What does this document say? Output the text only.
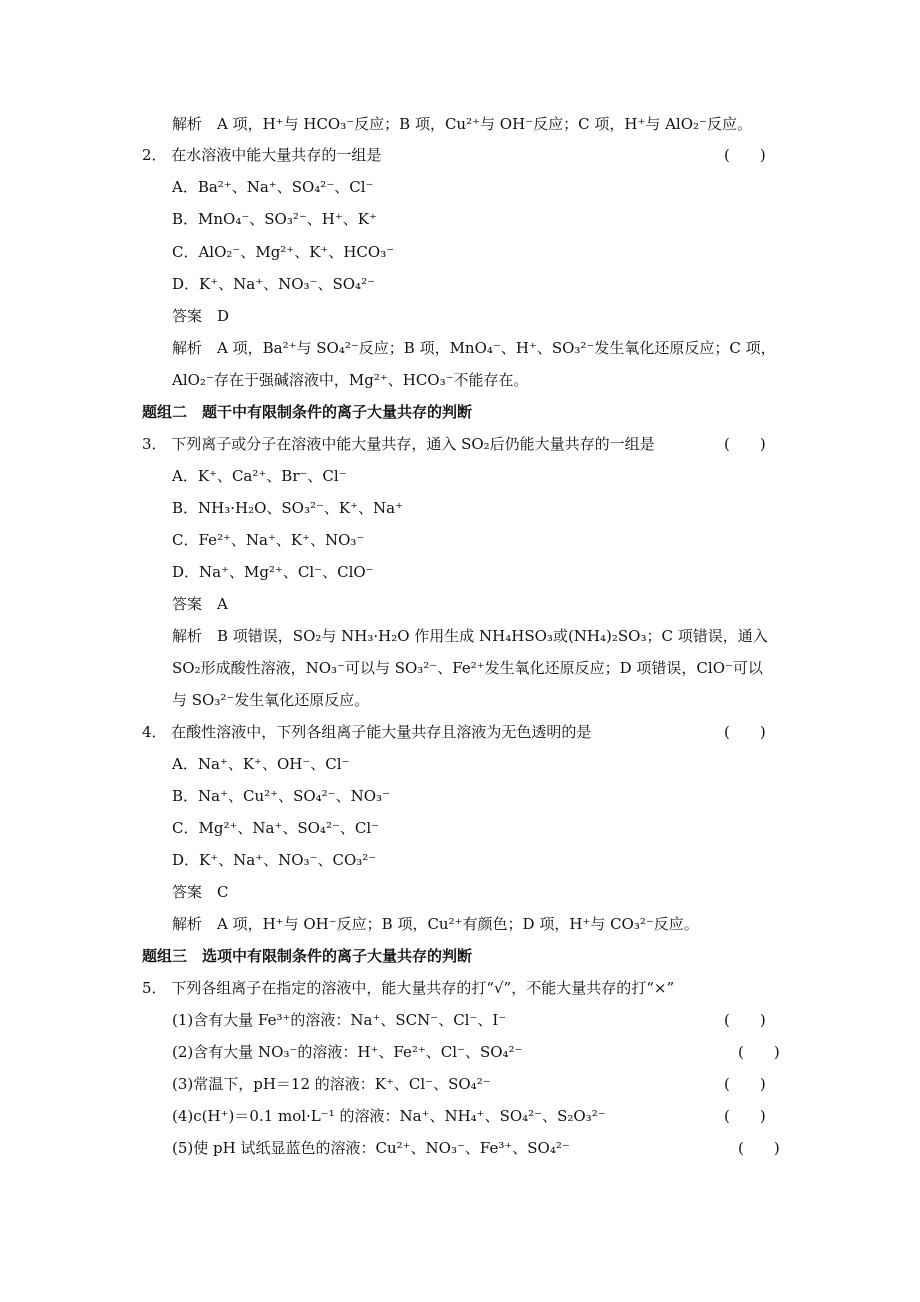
解析　A 项，H⁺与 HCO₃⁻反应；B 项，Cu²⁺与 OH⁻反应；C 项，H⁺与 AlO₂⁻反应。
2． 在水溶液中能大量共存的一组是	(　　)
A．Ba²⁺、Na⁺、SO₄²⁻、Cl⁻
B．MnO₄⁻、SO₃²⁻、H⁺、K⁺
C．AlO₂⁻、Mg²⁺、K⁺、HCO₃⁻
D．K⁺、Na⁺、NO₃⁻、SO₄²⁻
答案　D
解析　A 项，Ba²⁺与 SO₄²⁻反应；B 项，MnO₄⁻、H⁺、SO₃²⁻发生氧化还原反应；C 项，
AlO₂⁻存在于强碱溶液中，Mg²⁺、HCO₃⁻不能存在。
题组二　题干中有限制条件的离子大量共存的判断
3． 下列离子或分子在溶液中能大量共存，通入 SO₂后仍能大量共存的一组是	(　　)
A．K⁺、Ca²⁺、Br⁻、Cl⁻
B．NH₃·H₂O、SO₃²⁻、K⁺、Na⁺
C．Fe²⁺、Na⁺、K⁺、NO₃⁻
D．Na⁺、Mg²⁺、Cl⁻、ClO⁻
答案　A
解析　B 项错误，SO₂与 NH₃·H₂O 作用生成 NH₄HSO₃或(NH₄)₂SO₃；C 项错误，通入
SO₂形成酸性溶液，NO₃⁻可以与 SO₃²⁻、Fe²⁺发生氧化还原反应；D 项错误，ClO⁻可以
与 SO₃²⁻发生氧化还原反应。
4． 在酸性溶液中，下列各组离子能大量共存且溶液为无色透明的是	(　　)
A．Na⁺、K⁺、OH⁻、Cl⁻
B．Na⁺、Cu²⁺、SO₄²⁻、NO₃⁻
C．Mg²⁺、Na⁺、SO₄²⁻、Cl⁻
D．K⁺、Na⁺、NO₃⁻、CO₃²⁻
答案　C
解析　A 项，H⁺与 OH⁻反应；B 项，Cu²⁺有颜色；D 项，H⁺与 CO₃²⁻反应。
题组三　选项中有限制条件的离子大量共存的判断
5． 下列各组离子在指定的溶液中，能大量共存的打“√”，不能大量共存的打“×”
(1)含有大量 Fe³⁺的溶液：Na⁺、SCN⁻、Cl⁻、I⁻	(　　)
(2)含有大量 NO₃⁻的溶液：H⁺、Fe²⁺、Cl⁻、SO₄²⁻	(　　)
(3)常温下，pH＝12 的溶液：K⁺、Cl⁻、SO₄²⁻	(　　)
(4)c(H⁺)＝0.1 mol·L⁻¹ 的溶液：Na⁺、NH₄⁺、SO₄²⁻、S₂O₃²⁻	(　　)
(5)使 pH 试纸显蓝色的溶液：Cu²⁺、NO₃⁻、Fe³⁺、SO₄²⁻	(　　)
